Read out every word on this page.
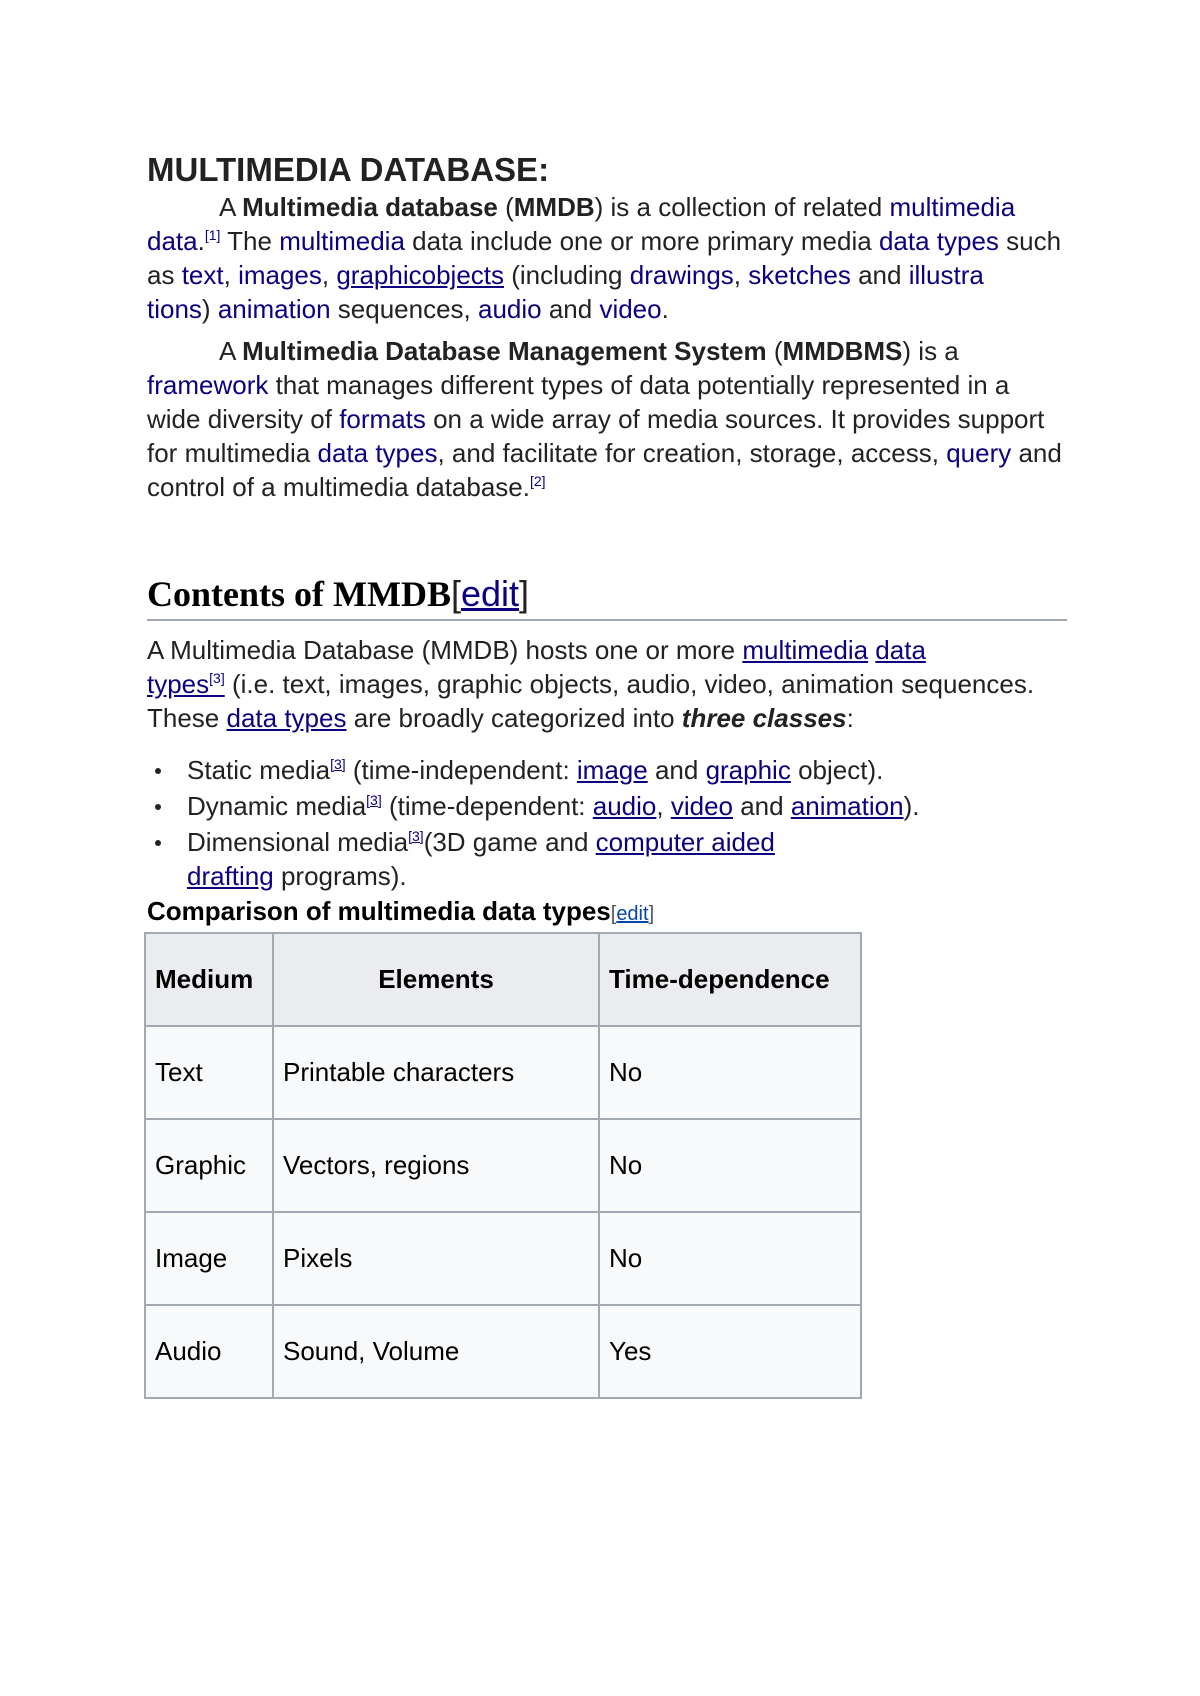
MULTIMEDIA DATABASE:

A Multimedia database (MMDB) is a collection of related multimedia data.[1] The multimedia data include one or more primary media data types such as text, images, graphicobjects (including drawings, sketches and illustra
tions) animation sequences, audio and video.

A Multimedia Database Management System (MMDBMS) is a framework that manages different types of data potentially represented in a wide diversity of formats on a wide array of media sources. It provides support for multimedia data types, and facilitate for creation, storage, access, query and control of a multimedia database.[2]

Contents of MMDB[edit]

A Multimedia Database (MMDB) hosts one or more multimedia data
types[3] (i.e. text, images, graphic objects, audio, video, animation sequences. These data types are broadly categorized into three classes:

Static media[3] (time-independent: image and graphic object).
Dynamic media[3] (time-dependent: audio, video and animation).
Dimensional media[3](3D game and computer aided drafting programs).
Comparison of multimedia data types[edit]
Medium	Elements	Time-dependence
Text	Printable characters	No
Graphic	Vectors, regions	No
Image	Pixels	No
Audio	Sound, Volume	Yes
